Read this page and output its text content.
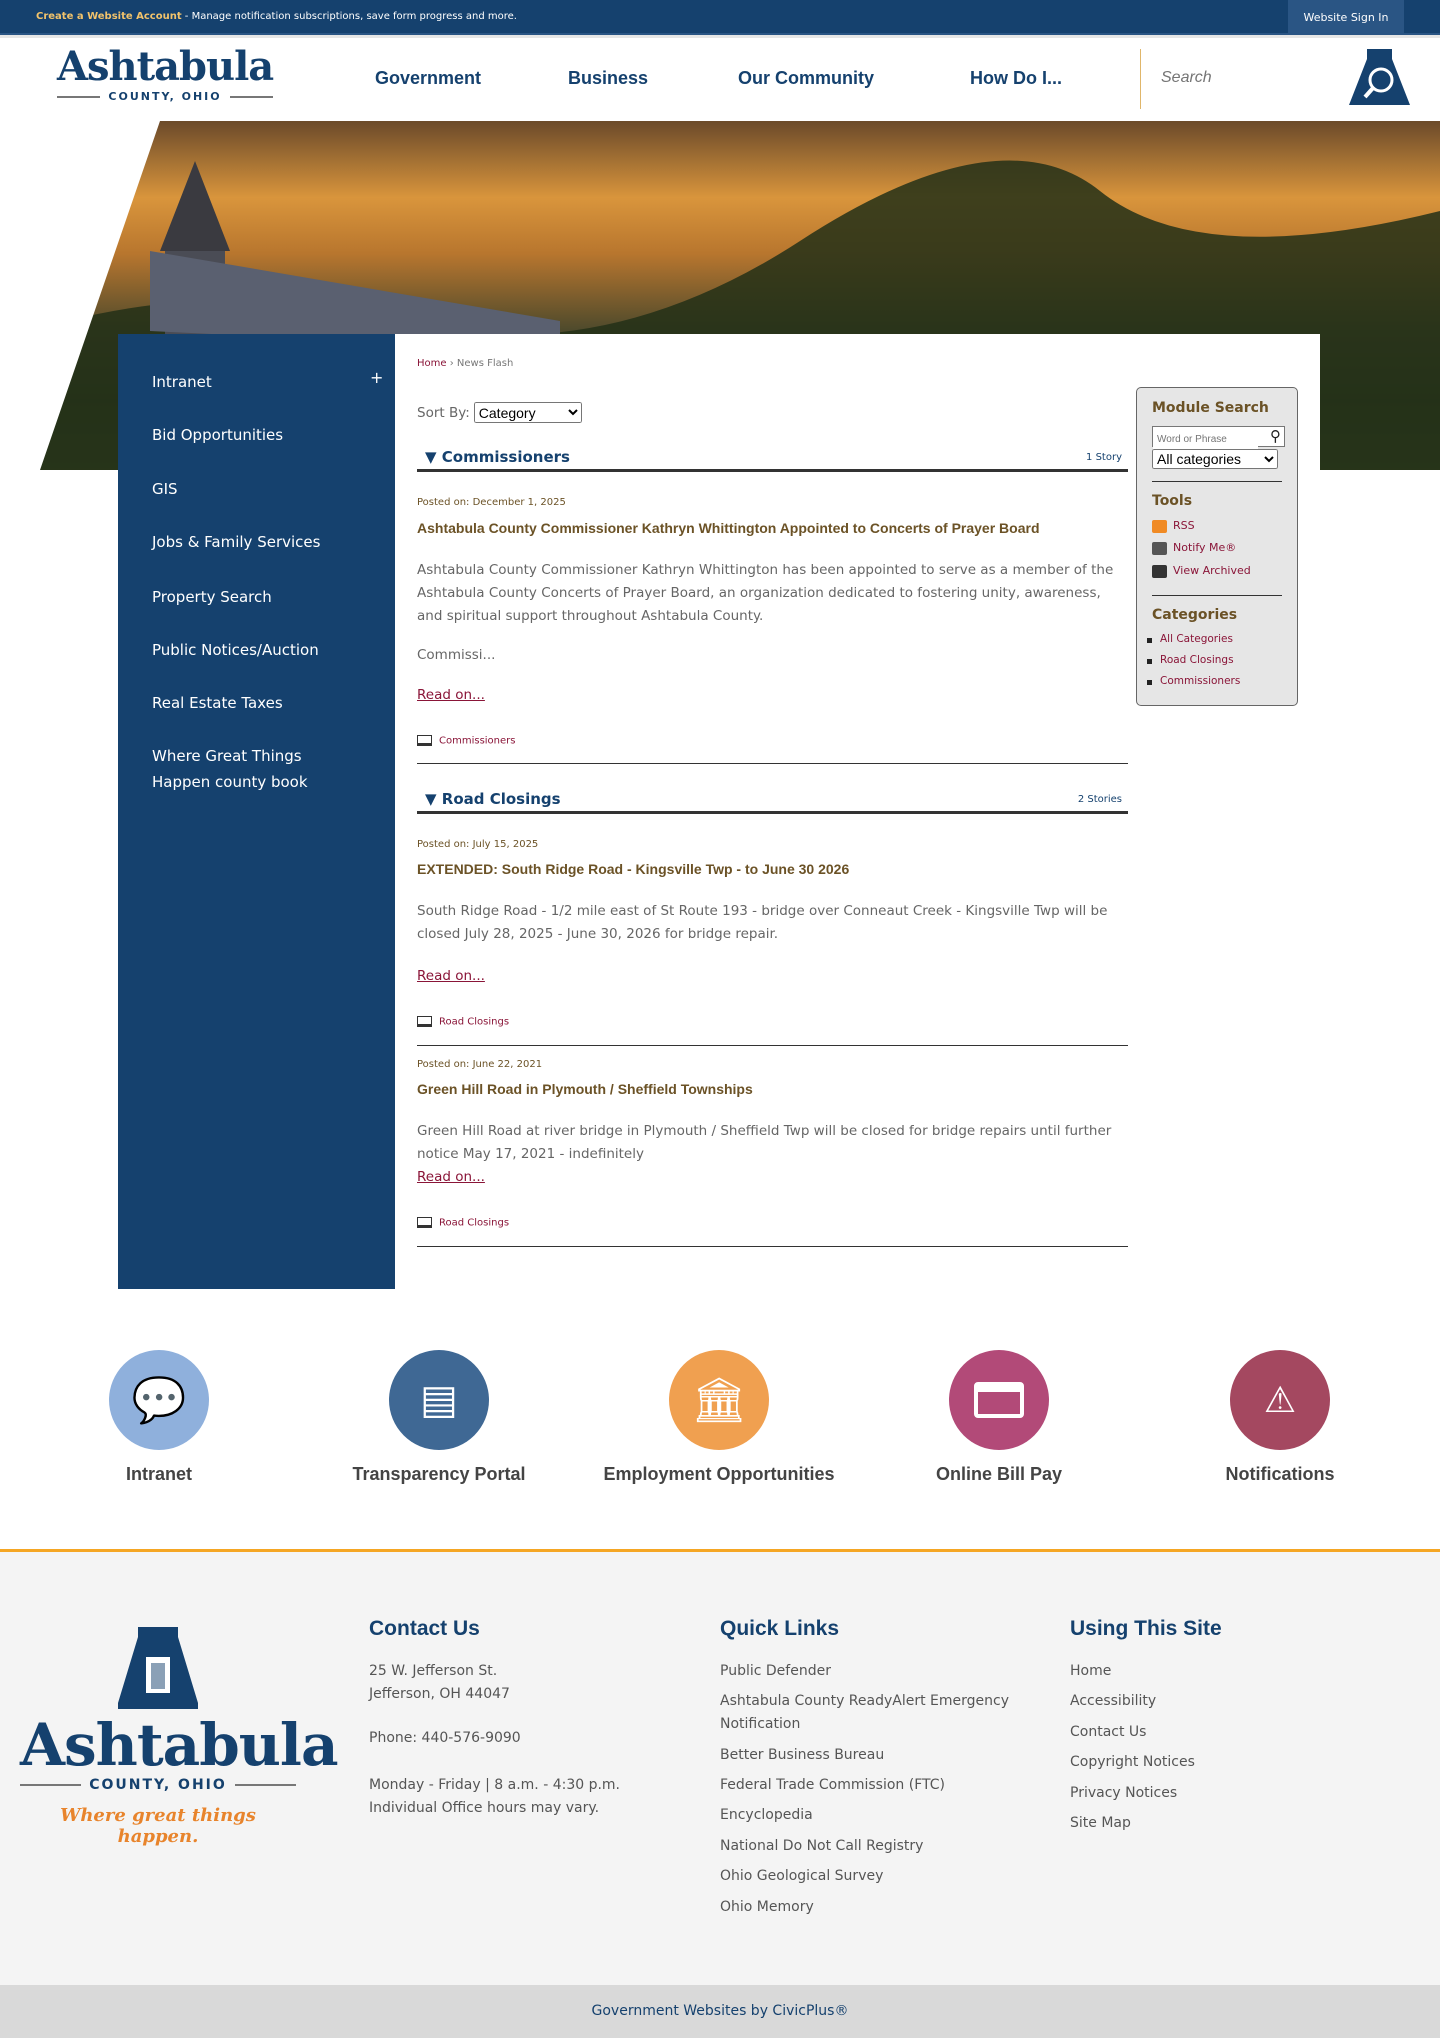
Create a Website Account - Manage notification subscriptions, save form progress and more.	Website Sign In
Ashtabula
COUNTY, OHIO
Government	Business	Our Community	How Do I...
Search
Intranet	+
Bid Opportunities
GIS
Jobs & Family Services
Property Search
Public Notices/Auction
Real Estate Taxes
Where Great Things Happen county book
Home › News Flash
Sort By:
Category
▼ Commissioners	1 Story
Posted on: December 1, 2025
Ashtabula County Commissioner Kathryn Whittington Appointed to Concerts of Prayer Board
Ashtabula County Commissioner Kathryn Whittington has been appointed to serve as a member of the Ashtabula County Concerts of Prayer Board, an organization dedicated to fostering unity, awareness, and spiritual support throughout Ashtabula County.
Commissi...
Read on...
Commissioners
▼ Road Closings	2 Stories
Posted on: July 15, 2025
EXTENDED: South Ridge Road - Kingsville Twp - to June 30 2026
South Ridge Road - 1/2 mile east of St Route 193 - bridge over Conneaut Creek - Kingsville Twp will be closed July 28, 2025 - June 30, 2026 for bridge repair.
Read on...
Road Closings
Posted on: June 22, 2021
Green Hill Road in Plymouth / Sheffield Townships
Green Hill Road at river bridge in Plymouth / Sheffield Twp will be closed for bridge repairs until further notice May 17, 2021 - indefinitely
Read on...
Road Closings
Module Search
Word or Phrase
⚲
All categories
Tools
RSS
Notify Me®
View Archived
Categories
All Categories
Road Closings
Commissioners
💬
Intranet
▤
Transparency Portal
🏛
Employment Opportunities	Online Bill Pay
⚠
Notifications
Ashtabula
COUNTY, OHIO
Where great things happen.
Contact Us
25 W. Jefferson St.
Jefferson, OH 44047
Phone: 440-576-9090
Monday - Friday | 8 a.m. - 4:30 p.m.
Individual Office hours may vary.
Quick Links
Public Defender
Ashtabula County ReadyAlert Emergency
Notification
Better Business Bureau
Federal Trade Commission (FTC)
Encyclopedia
National Do Not Call Registry
Ohio Geological Survey
Ohio Memory
Using This Site
Home
Accessibility
Contact Us
Copyright Notices
Privacy Notices
Site Map
Government Websites by CivicPlus®
